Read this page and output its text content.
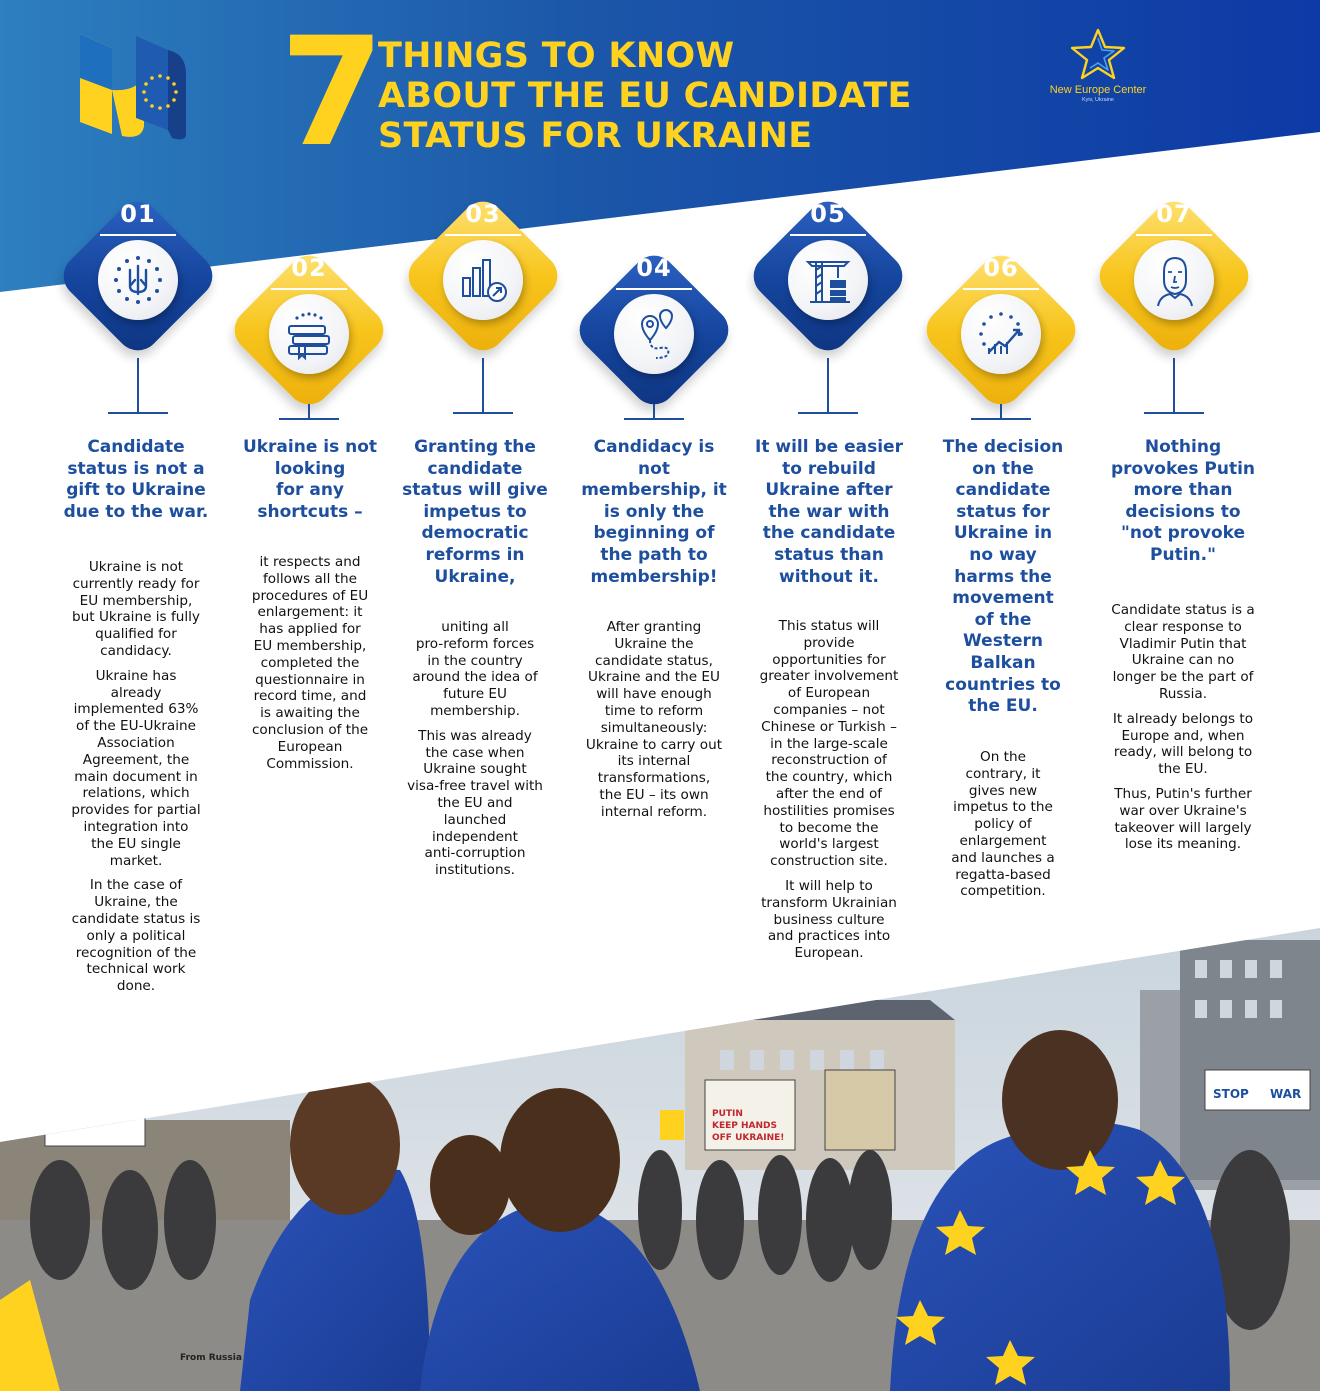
7
THINGS TO KNOW
ABOUT THE EU CANDIDATE
STATUS FOR UKRAINE
New Europe Center
Kyiv, Ukraine
01
02
03
04
05
06
07
Candidate
status is not a
gift to Ukraine
due to the war.
Ukraine is not
currently ready for
EU membership,
but Ukraine is fully
qualified for
candidacy.
Ukraine has
already
implemented 63%
of the EU-Ukraine
Association
Agreement, the
main document in
relations, which
provides for partial
integration into
the EU single
market.
In the case of
Ukraine, the
candidate status is
only a political
recognition of the
technical work
done.
Ukraine is not
looking
for any
shortcuts –
it respects and
follows all the
procedures of EU
enlargement: it
has applied for
EU membership,
completed the
questionnaire in
record time, and
is awaiting the
conclusion of the
European
Commission.
Granting the
candidate
status will give
impetus to
democratic
reforms in
Ukraine,
uniting all
pro-reform forces
in the country
around the idea of
future EU
membership.
This was already
the case when
Ukraine sought
visa-free travel with
the EU and
launched
independent
anti-corruption
institutions.
Candidacy is
not
membership, it
is only the
beginning of
the path to
membership!
After granting
Ukraine the
candidate status,
Ukraine and the EU
will have enough
time to reform
simultaneously:
Ukraine to carry out
its internal
transformations,
the EU – its own
internal reform.
It will be easier
to rebuild
Ukraine after
the war with
the candidate
status than
without it.
This status will
provide
opportunities for
greater involvement
of European
companies – not
Chinese or Turkish –
in the large-scale
reconstruction of
the country, which
after the end of
hostilities promises
to become the
world's largest
construction site.
It will help to
transform Ukrainian
business culture
and practices into
European.
The decision
on the
candidate
status for
Ukraine in
no way
harms the
movement
of the
Western
Balkan
countries to
the EU.
On the
contrary, it
gives new
impetus to the
policy of
enlargement
and launches a
regatta-based
competition.
Nothing
provokes Putin
more than
decisions to
"not provoke
Putin."
Candidate status is a
clear response to
Vladimir Putin that
Ukraine can no
longer be the part of
Russia.
It already belongs to
Europe and, when
ready, will belong to
the EU.
Thus, Putin's further
war over Ukraine's
takeover will largely
lose its meaning.
STOP WAR
PUTIN
KEEP HANDS
OFF UKRAINE!
From Russia
